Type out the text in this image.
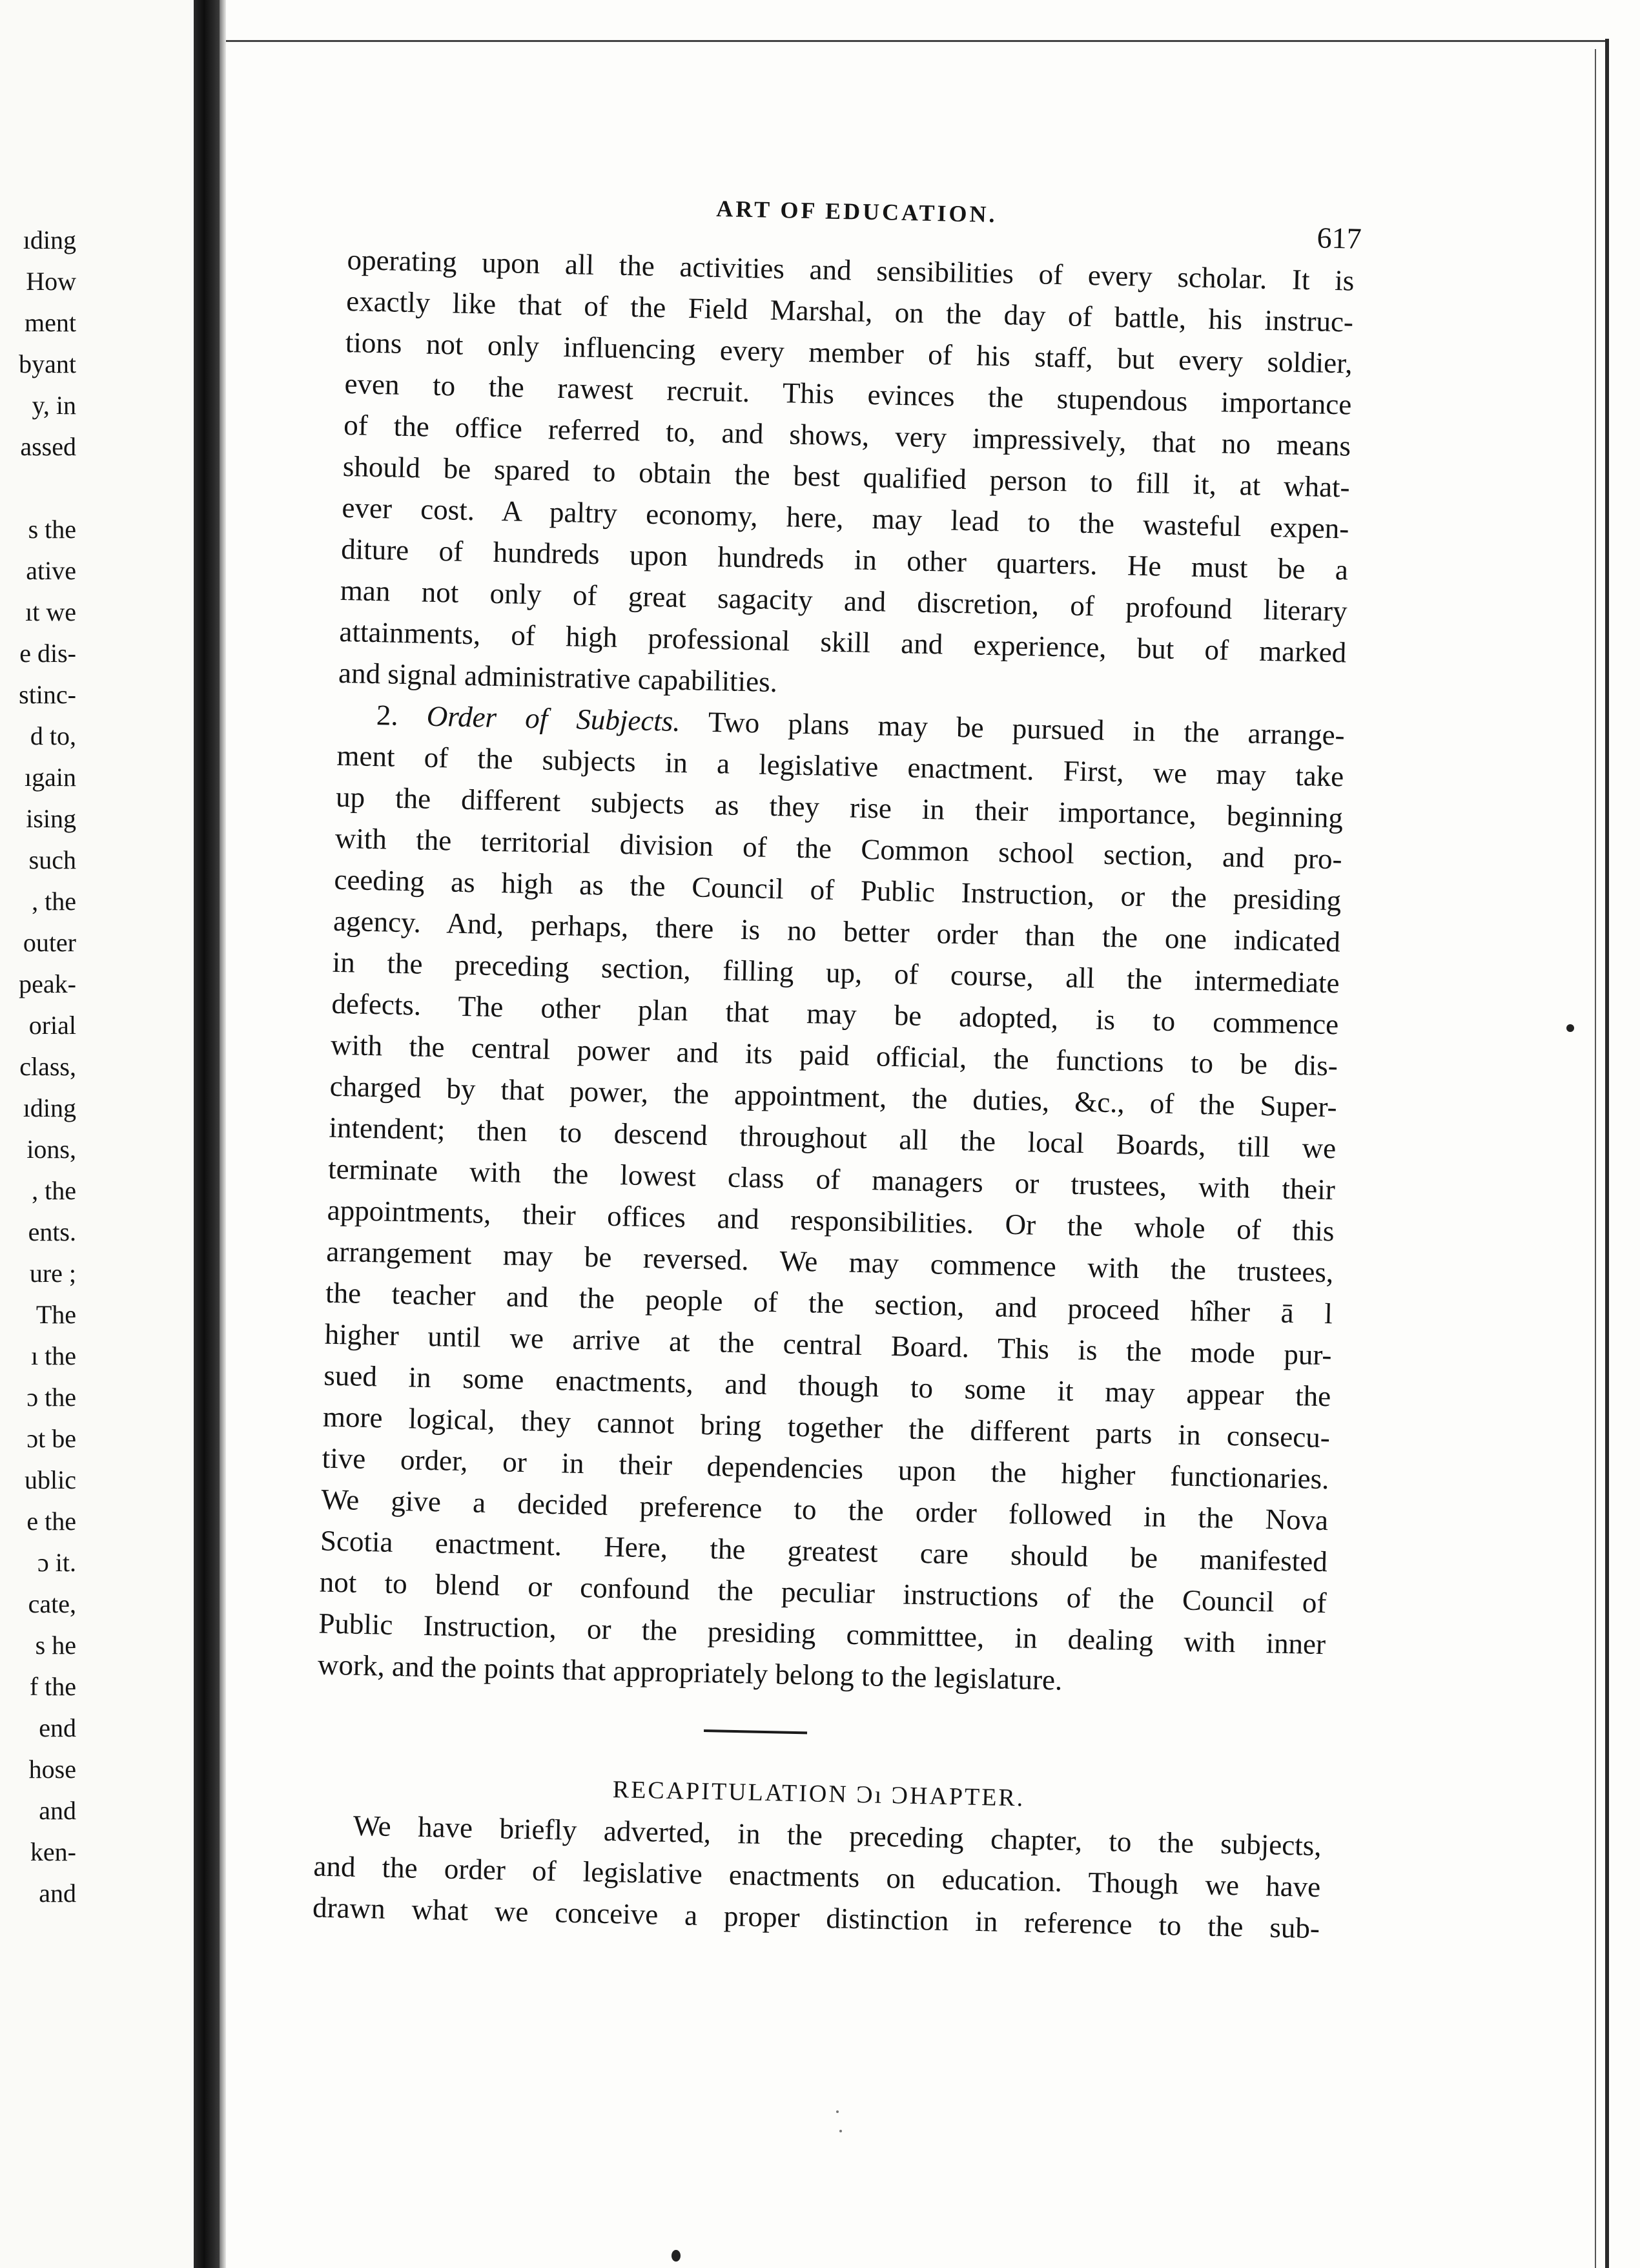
ıding
How
ment
byant
y, in
assed
s the
ative
ıt we
e dis-
stinc-
d to,
ıgain
ising
such
, the
outer
peak-
orial
class,
ıding
ions,
, the
ents.
ure ;
The
ı the
ɔ the
ɔt be
ublic
e the
ɔ it.
cate,
s he
f the
end
hose
and
ken-
and
ART OF EDUCATION.
617
operating upon all the activities and sensibilities of every scholar. It is
exactly like that of the Field Marshal, on the day of battle, his instruc-
tions not only influencing every member of his staff, but every soldier,
even to the rawest recruit. This evinces the stupendous importance
of the office referred to, and shows, very impressively, that no means
should be spared to obtain the best qualified person to fill it, at what-
ever cost. A paltry economy, here, may lead to the wasteful expen-
diture of hundreds upon hundreds in other quarters. He must be a
man not only of great sagacity and discretion, of profound literary
attainments, of high professional skill and experience, but of marked
and signal administrative capabilities.
2. Order of Subjects. Two plans may be pursued in the arrange-
ment of the subjects in a legislative enactment. First, we may take
up the different subjects as they rise in their importance, beginning
with the territorial division of the Common school section, and pro-
ceeding as high as the Council of Public Instruction, or the presiding
agency. And, perhaps, there is no better order than the one indicated
in the preceding section, filling up, of course, all the intermediate
defects. The other plan that may be adopted, is to commence
with the central power and its paid official, the functions to be dis-
charged by that power, the appointment, the duties, &c., of the Super-
intendent; then to descend throughout all the local Boards, till we
terminate with the lowest class of managers or trustees, with their
appointments, their offices and responsibilities. Or the whole of this
arrangement may be reversed. We may commence with the trustees,
the teacher and the people of the section, and proceed hîher ā l
higher until we arrive at the central Board. This is the mode pur-
sued in some enactments, and though to some it may appear the
more logical, they cannot bring together the different parts in consecu-
tive order, or in their dependencies upon the higher functionaries.
We give a decided preference to the order followed in the Nova
Scotia enactment. Here, the greatest care should be manifested
not to blend or confound the peculiar instructions of the Council of
Public Instruction, or the presiding committtee, in dealing with inner
work, and the points that appropriately belong to the legislature.
RECAPITULATION Ɔı ƆHAPTER.
We have briefly adverted, in the preceding chapter, to the subjects,
and the order of legislative enactments on education. Though we have
drawn what we conceive a proper distinction in reference to the sub-
